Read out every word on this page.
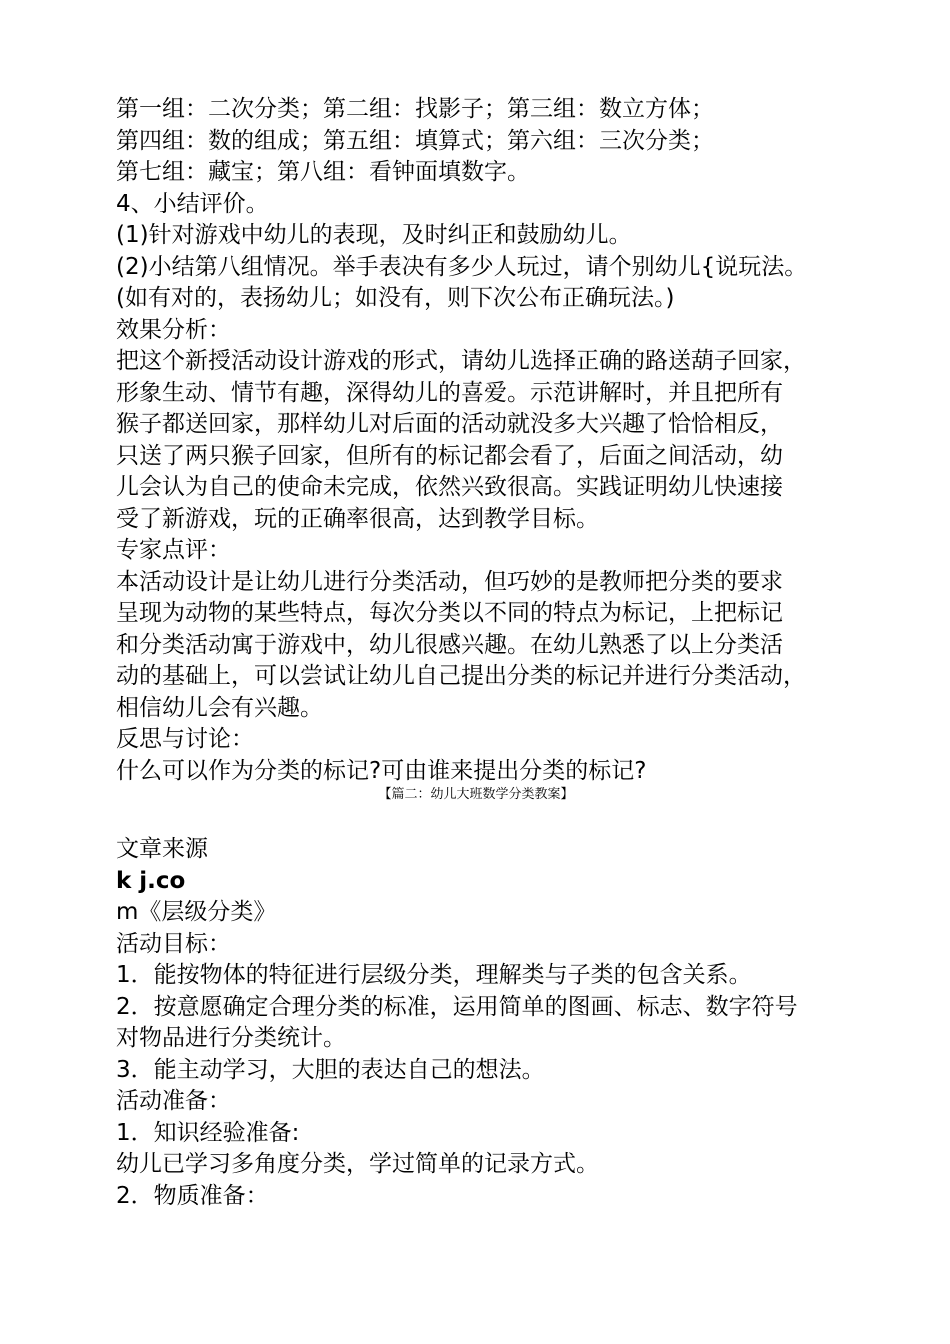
第一组：二次分类；第二组：找影子；第三组：数立方体；
第四组：数的组成；第五组：填算式；第六组：三次分类；
第七组：藏宝；第八组：看钟面填数字。
4、小结评价。
(1)针对游戏中幼儿的表现，及时纠正和鼓励幼儿。
(2)小结第八组情况。举手表决有多少人玩过，请个别幼儿{说玩法。
(如有对的，表扬幼儿；如没有，则下次公布正确玩法。)
效果分析：
把这个新授活动设计游戏的形式，请幼儿选择正确的路送葫子回家，
形象生动、情节有趣，深得幼儿的喜爱。示范讲解时，并且把所有
猴子都送回家，那样幼儿对后面的活动就没多大兴趣了恰恰相反，
只送了两只猴子回家，但所有的标记都会看了，后面之间活动，幼
儿会认为自己的使命未完成，依然兴致很高。实践证明幼儿快速接
受了新游戏，玩的正确率很高，达到教学目标。
专家点评：
本活动设计是让幼儿进行分类活动，但巧妙的是教师把分类的要求
呈现为动物的某些特点，每次分类以不同的特点为标记，上把标记
和分类活动寓于游戏中，幼儿很感兴趣。在幼儿熟悉了以上分类活
动的基础上，可以尝试让幼儿自己提出分类的标记并进行分类活动，
相信幼儿会有兴趣。
反思与讨论：
什么可以作为分类的标记?可由谁来提出分类的标记?
【篇二：幼儿大班数学分类教案】
文章来源
k j.co
m《层级分类》
活动目标：
1．能按物体的特征进行层级分类，理解类与子类的包含关系。
2．按意愿确定合理分类的标准，运用简单的图画、标志、数字符号
对物品进行分类统计。
3．能主动学习，大胆的表达自己的想法。
活动准备：
1．知识经验准备:
幼儿已学习多角度分类，学过简单的记录方式。
2．物质准备：
